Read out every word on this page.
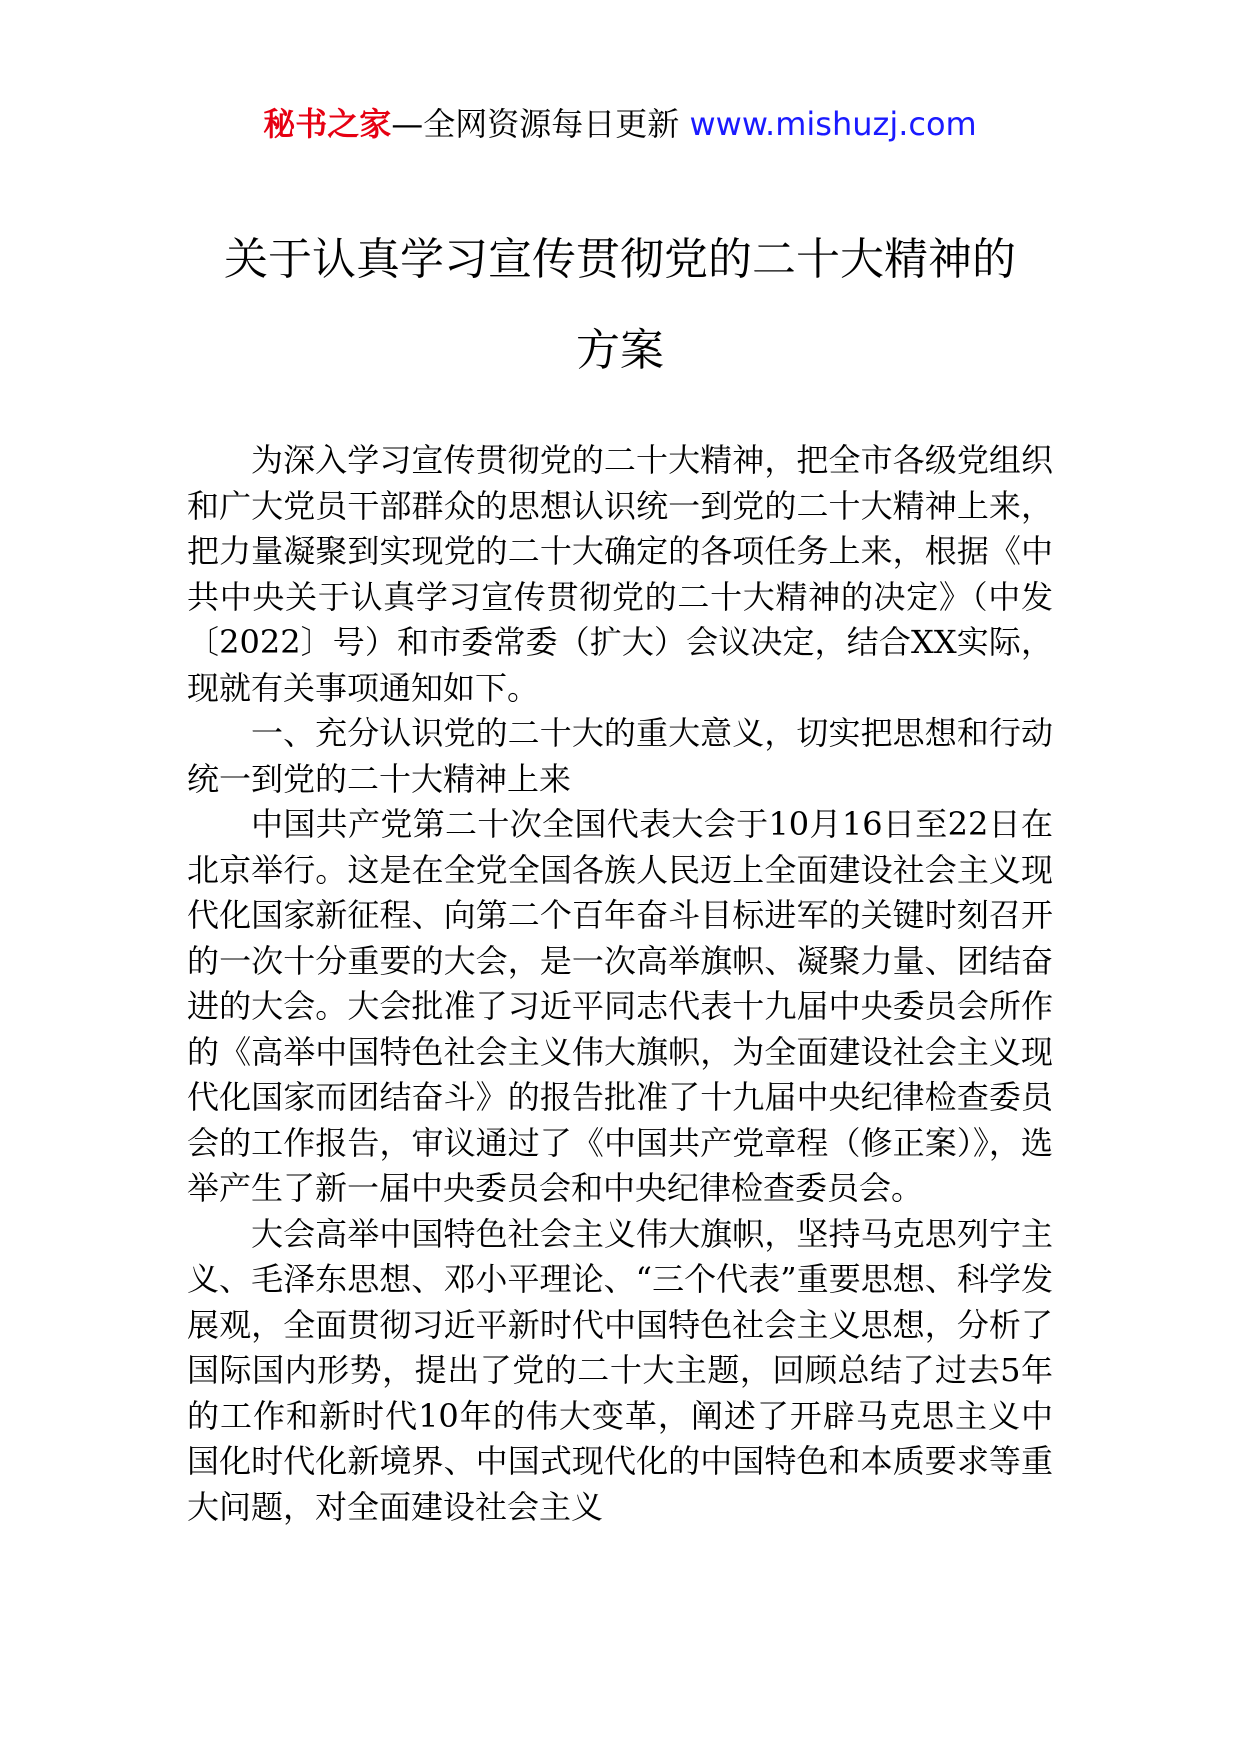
秘书之家—全网资源每日更新 www.mishuzj.com
关于认真学习宣传贯彻党的二十大精神的
方案

为深入学习宣传贯彻党的二十大精神，把全市各级党组织和广大党员干部群众的思想认识统一到党的二十大精神上来，把力量凝聚到实现党的二十大确定的各项任务上来，根据《中共中央关于认真学习宣传贯彻党的二十大精神的决定》（中发〔2022〕号）和市委常委（扩大）会议决定，结合XX实际，现就有关事项通知如下。

一、充分认识党的二十大的重大意义，切实把思想和行动统一到党的二十大精神上来

中国共产党第二十次全国代表大会于10月16日至22日在北京举行。这是在全党全国各族人民迈上全面建设社会主义现代化国家新征程、向第二个百年奋斗目标进军的关键时刻召开的一次十分重要的大会，是一次高举旗帜、凝聚力量、团结奋进的大会。大会批准了习近平同志代表十九届中央委员会所作的《高举中国特色社会主义伟大旗帜，为全面建设社会主义现代化国家而团结奋斗》的报告批准了十九届中央纪律检查委员会的工作报告，审议通过了《中国共产党章程（修正案）》，选举产生了新一届中央委员会和中央纪律检查委员会。

大会高举中国特色社会主义伟大旗帜，坚持马克思列宁主义、毛泽东思想、邓小平理论、“三个代表”重要思想、科学发展观，全面贯彻习近平新时代中国特色社会主义思想，分析了国际国内形势，提出了党的二十大主题，回顾总结了过去5年的工作和新时代10年的伟大变革，阐述了开辟马克思主义中国化时代化新境界、中国式现代化的中国特色和本质要求等重大问题，对全面建设社会主义
